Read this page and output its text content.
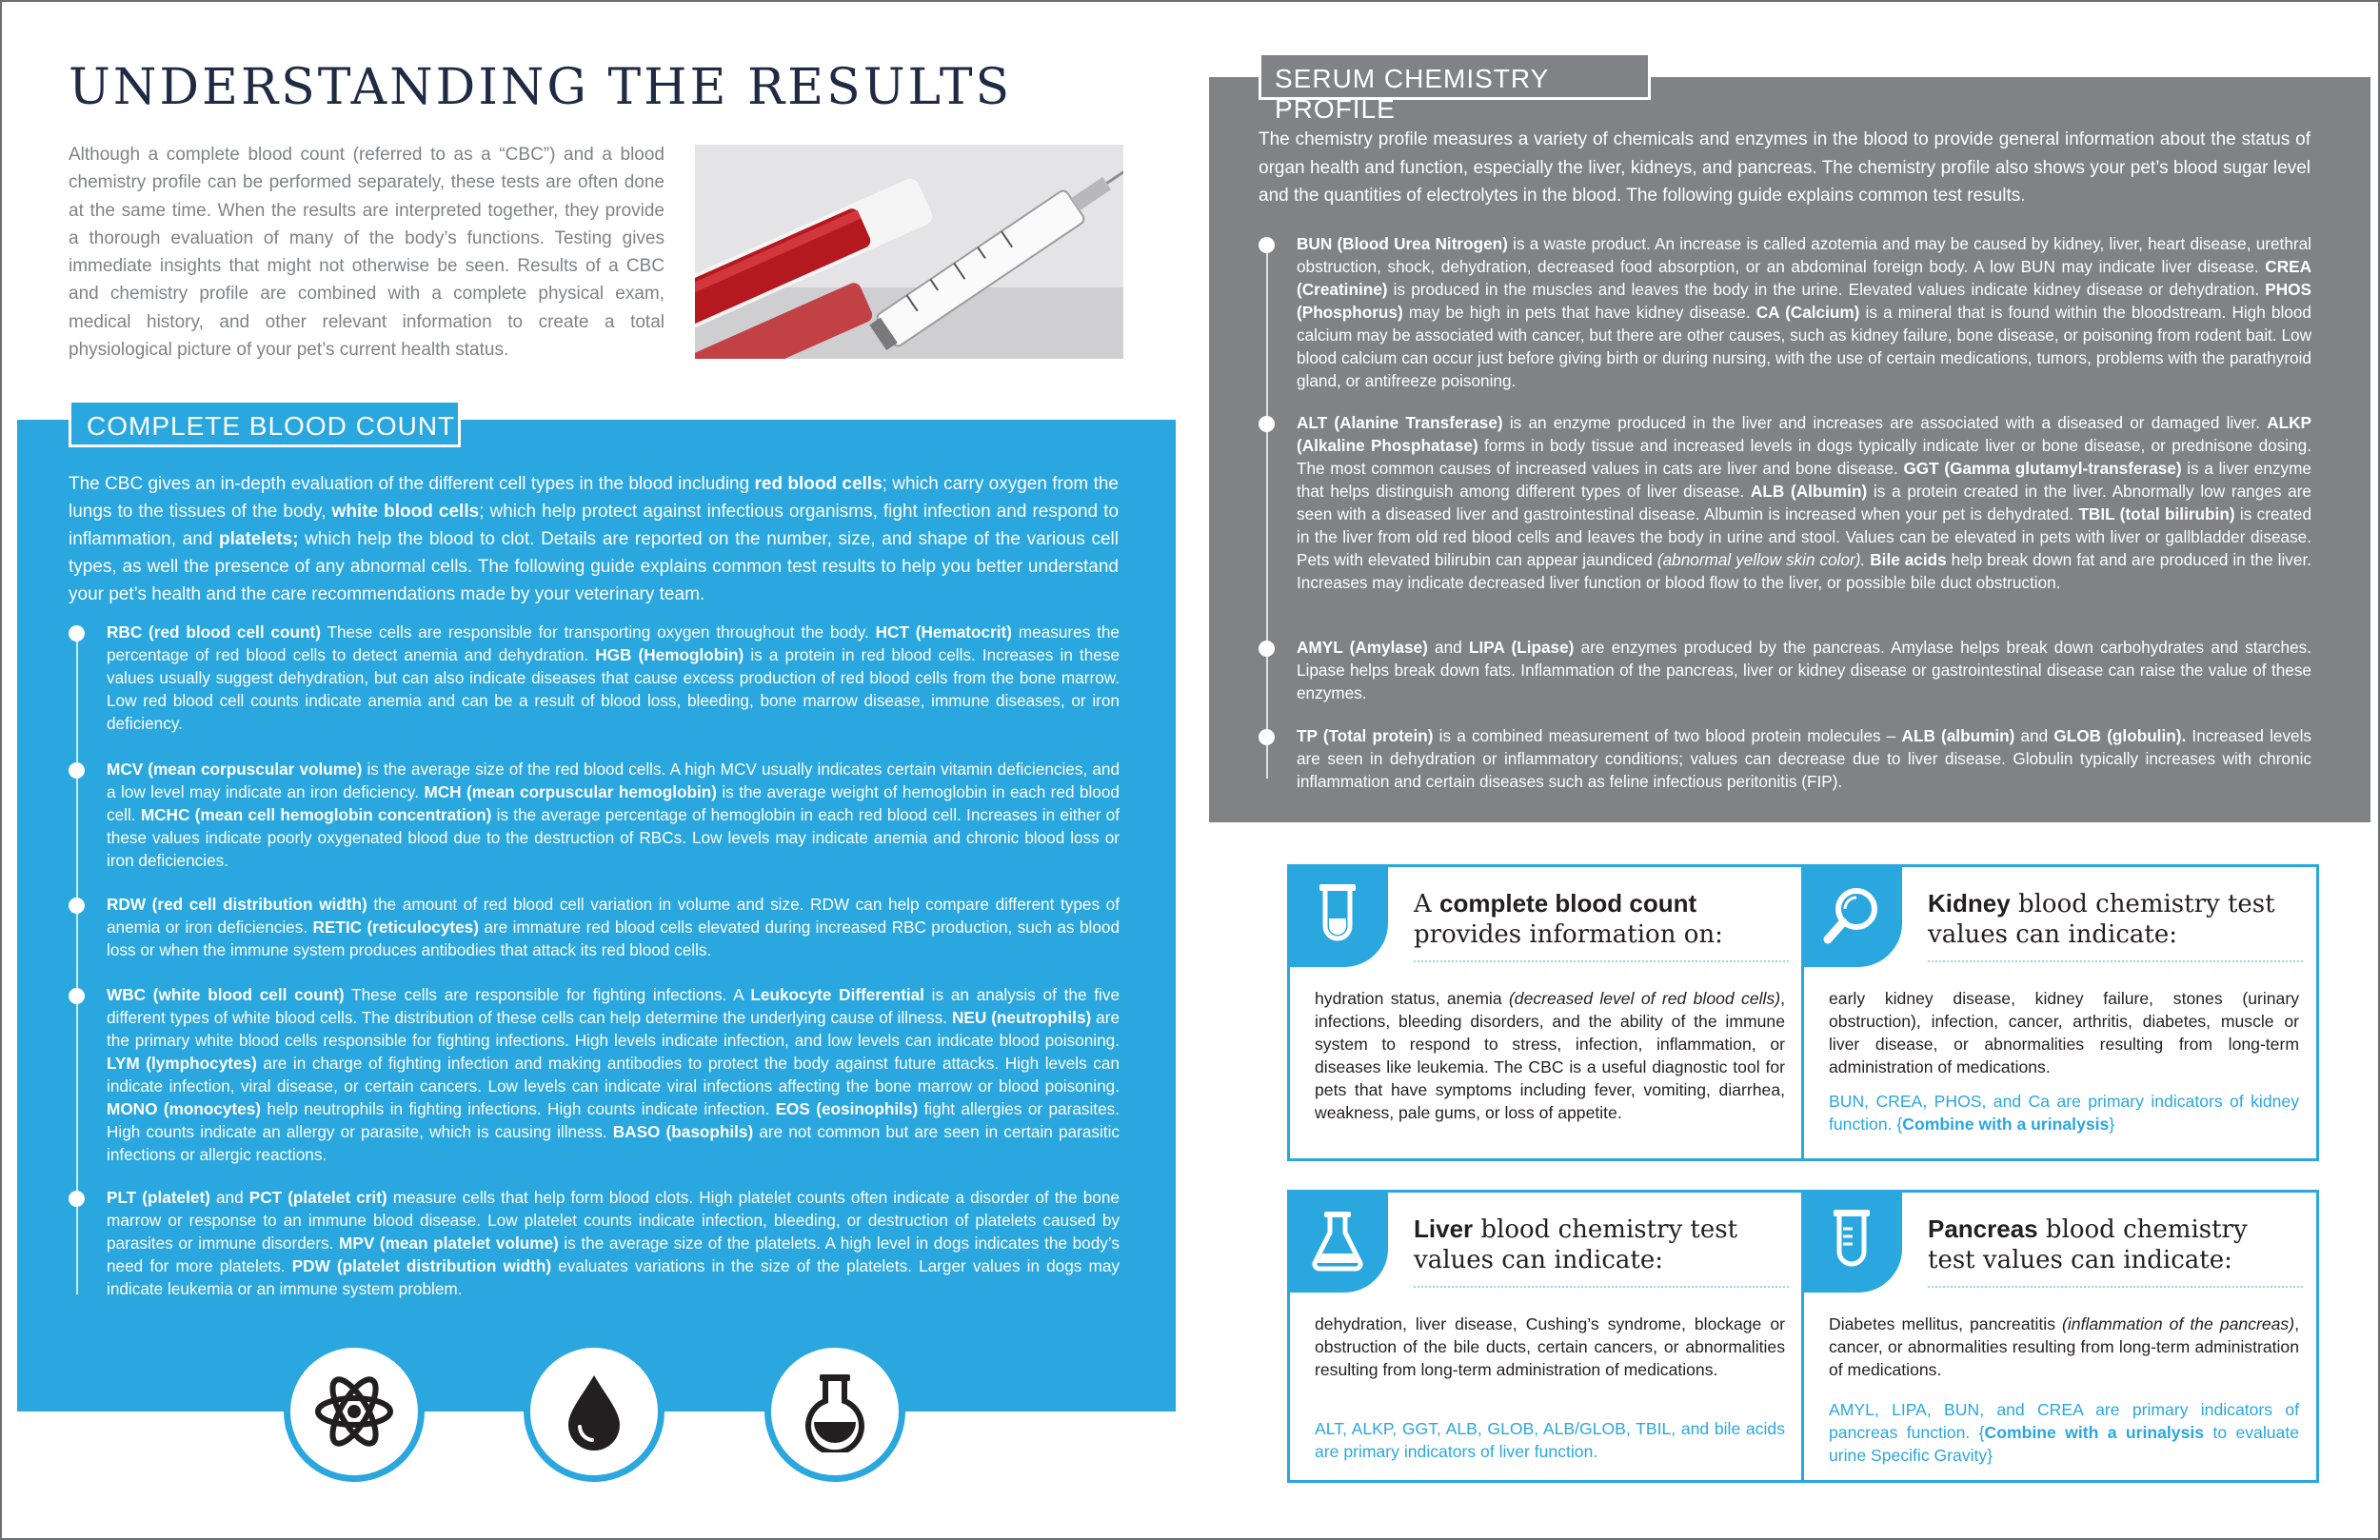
UNDERSTANDING THE RESULTS

Although a complete blood count (referred to as a “CBC”) and a blood chemistry profile can be performed separately, these tests are often done at the same time. When the results are interpreted together, they provide a thorough evaluation of many of the body’s functions. Testing gives immediate insights that might not otherwise be seen. Results of a CBC and chemistry profile are combined with a complete physical exam, medical history, and other relevant information to create a total physiological picture of your pet’s current health status.

COMPLETE BLOOD COUNT

The CBC gives an in-depth evaluation of the different cell types in the blood including red blood cells; which carry oxygen from the lungs to the tissues of the body, white blood cells; which help protect against infectious organisms, fight infection and respond to inflammation, and platelets; which help the blood to clot. Details are reported on the number, size, and shape of the various cell types, as well the presence of any abnormal cells. The following guide explains common test results to help you better understand your pet’s health and the care recommendations made by your veterinary team.

RBC (red blood cell count) These cells are responsible for transporting oxygen throughout the body. HCT (Hematocrit) measures the percentage of red blood cells to detect anemia and dehydration. HGB (Hemoglobin) is a protein in red blood cells. Increases in these values usually suggest dehydration, but can also indicate diseases that cause excess production of red blood cells from the bone marrow. Low red blood cell counts indicate anemia and can be a result of blood loss, bleeding, bone marrow disease, immune diseases, or iron deficiency.

MCV (mean corpuscular volume) is the average size of the red blood cells. A high MCV usually indicates certain vitamin deficiencies, and a low level may indicate an iron deficiency. MCH (mean corpuscular hemoglobin) is the average weight of hemoglobin in each red blood cell. MCHC (mean cell hemoglobin concentration) is the average percentage of hemoglobin in each red blood cell. Increases in either of these values indicate poorly oxygenated blood due to the destruction of RBCs. Low levels may indicate anemia and chronic blood loss or iron deficiencies.

RDW (red cell distribution width) the amount of red blood cell variation in volume and size. RDW can help compare different types of anemia or iron deficiencies. RETIC (reticulocytes) are immature red blood cells elevated during increased RBC production, such as blood loss or when the immune system produces antibodies that attack its red blood cells.

WBC (white blood cell count) These cells are responsible for fighting infections. A Leukocyte Differential is an analysis of the five different types of white blood cells. The distribution of these cells can help determine the underlying cause of illness. NEU (neutrophils) are the primary white blood cells responsible for fighting infections. High levels indicate infection, and low levels can indicate blood poisoning. LYM (lymphocytes) are in charge of fighting infection and making antibodies to protect the body against future attacks. High levels can indicate infection, viral disease, or certain cancers. Low levels can indicate viral infections affecting the bone marrow or blood poisoning. MONO (monocytes) help neutrophils in fighting infections. High counts indicate infection. EOS (eosinophils) fight allergies or parasites. High counts indicate an allergy or parasite, which is causing illness. BASO (basophils) are not common but are seen in certain parasitic infections or allergic reactions.

PLT (platelet) and PCT (platelet crit) measure cells that help form blood clots. High platelet counts often indicate a disorder of the bone marrow or response to an immune blood disease. Low platelet counts indicate infection, bleeding, or destruction of platelets caused by parasites or immune disorders. MPV (mean platelet volume) is the average size of the platelets. A high level in dogs indicates the body’s need for more platelets. PDW (platelet distribution width) evaluates variations in the size of the platelets. Larger values in dogs may indicate leukemia or an immune system problem.

SERUM CHEMISTRY PROFILE

The chemistry profile measures a variety of chemicals and enzymes in the blood to provide general information about the status of organ health and function, especially the liver, kidneys, and pancreas. The chemistry profile also shows your pet’s blood sugar level and the quantities of electrolytes in the blood. The following guide explains common test results.

BUN (Blood Urea Nitrogen) is a waste product. An increase is called azotemia and may be caused by kidney, liver, heart disease, urethral obstruction, shock, dehydration, decreased food absorption, or an abdominal foreign body. A low BUN may indicate liver disease. CREA (Creatinine) is produced in the muscles and leaves the body in the urine. Elevated values indicate kidney disease or dehydration. PHOS (Phosphorus) may be high in pets that have kidney disease. CA (Calcium) is a mineral that is found within the bloodstream. High blood calcium may be associated with cancer, but there are other causes, such as kidney failure, bone disease, or poisoning from rodent bait. Low blood calcium can occur just before giving birth or during nursing, with the use of certain medications, tumors, problems with the parathyroid gland, or antifreeze poisoning.

ALT (Alanine Transferase) is an enzyme produced in the liver and increases are associated with a diseased or damaged liver. ALKP (Alkaline Phosphatase) forms in body tissue and increased levels in dogs typically indicate liver or bone disease, or prednisone dosing. The most common causes of increased values in cats are liver and bone disease. GGT (Gamma glutamyl-transferase) is a liver enzyme that helps distinguish among different types of liver disease. ALB (Albumin) is a protein created in the liver. Abnormally low ranges are seen with a diseased liver and gastrointestinal disease. Albumin is increased when your pet is dehydrated. TBIL (total bilirubin) is created in the liver from old red blood cells and leaves the body in urine and stool. Values can be elevated in pets with liver or gallbladder disease. Pets with elevated bilirubin can appear jaundiced (abnormal yellow skin color). Bile acids help break down fat and are produced in the liver. Increases may indicate decreased liver function or blood flow to the liver, or possible bile duct obstruction.

AMYL (Amylase) and LIPA (Lipase) are enzymes produced by the pancreas. Amylase helps break down carbohydrates and starches. Lipase helps break down fats. Inflammation of the pancreas, liver or kidney disease or gastrointestinal disease can raise the value of these enzymes.

TP (Total protein) is a combined measurement of two blood protein molecules – ALB (albumin) and GLOB (globulin). Increased levels are seen in dehydration or inflammatory conditions; values can decrease due to liver disease. Globulin typically increases with chronic inflammation and certain diseases such as feline infectious peritonitis (FIP).

A complete blood count
provides information on:

hydration status, anemia (decreased level of red blood cells), infections, bleeding disorders, and the ability of the immune system to respond to stress, infection, inflammation, or diseases like leukemia. The CBC is a useful diagnostic tool for pets that have symptoms including fever, vomiting, diarrhea, weakness, pale gums, or loss of appetite.

Kidney blood chemistry test values can indicate:

early kidney disease, kidney failure, stones (urinary obstruction), infection, cancer, arthritis, diabetes, muscle or liver disease, or abnormalities resulting from long-term administration of medications.

BUN, CREA, PHOS, and Ca are primary indicators of kidney function. {Combine with a urinalysis}

Liver blood chemistry test values can indicate:

dehydration, liver disease, Cushing’s syndrome, blockage or obstruction of the bile ducts, certain cancers, or abnormalities resulting from long-term administration of medications.

ALT, ALKP, GGT, ALB, GLOB, ALB/GLOB, TBIL, and bile acids are primary indicators of liver function.

Pancreas blood chemistry test values can indicate:

Diabetes mellitus, pancreatitis (inflammation of the pancreas), cancer, or abnormalities resulting from long-term administration of medications.

AMYL, LIPA, BUN, and CREA are primary indicators of pancreas function. {Combine with a urinalysis to evaluate urine Specific Gravity}
